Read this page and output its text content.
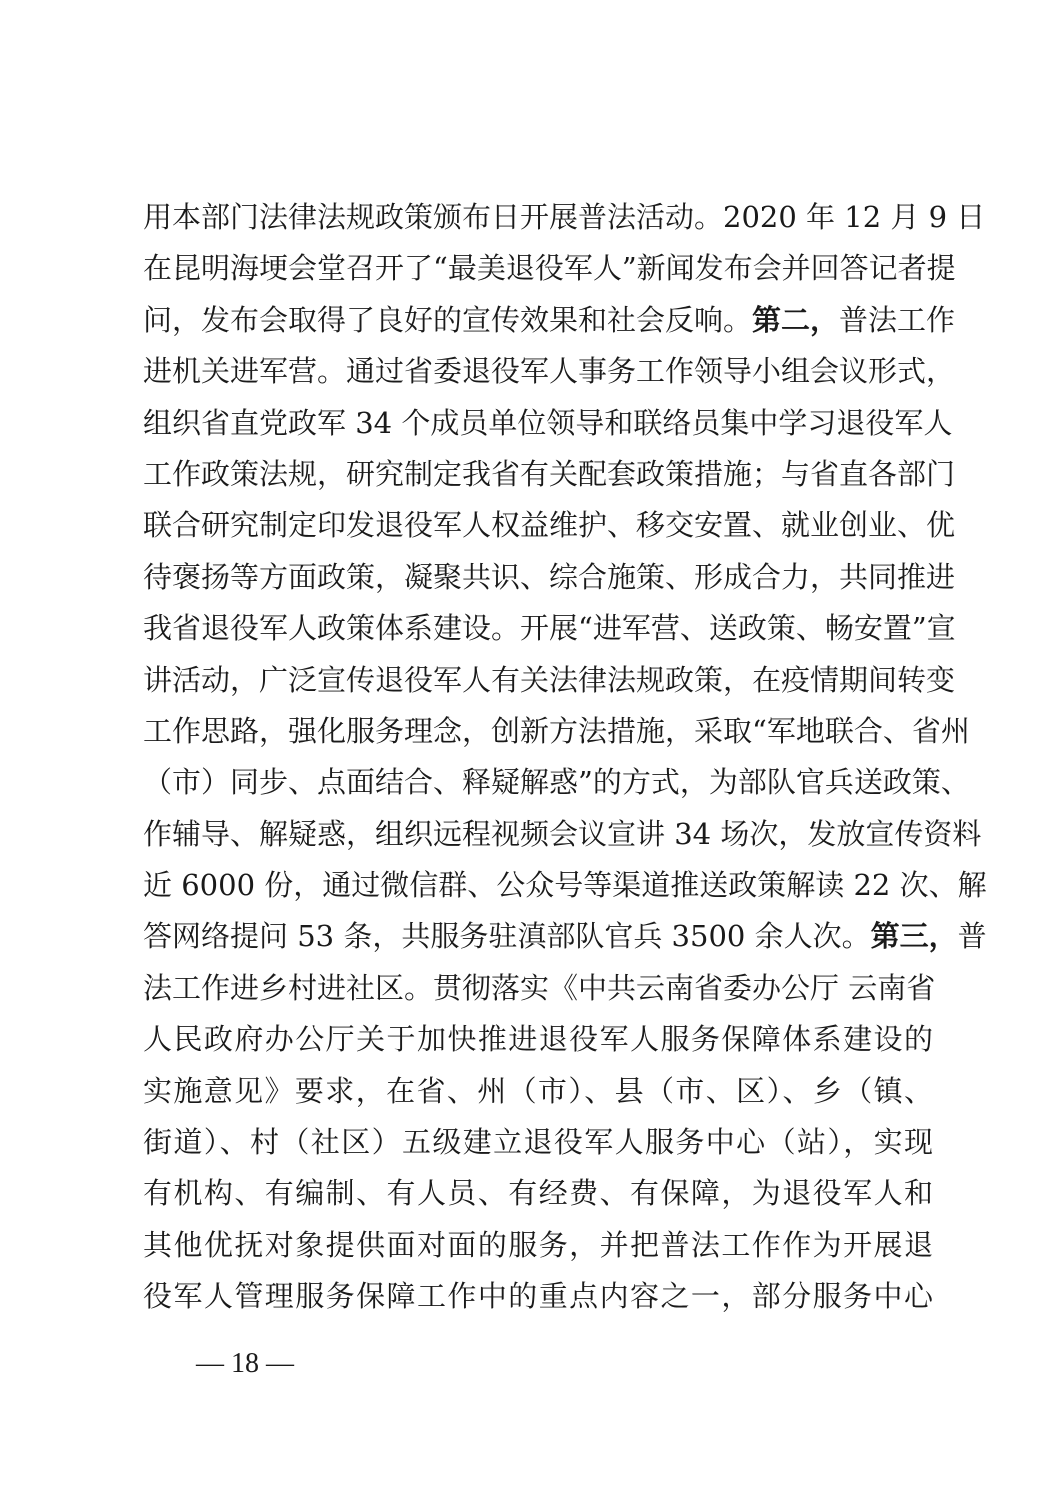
用本部门法律法规政策颁布日开展普法活动。2020 年 12 月 9 日
在昆明海埂会堂召开了“最美退役军人”新闻发布会并回答记者提
问，发布会取得了良好的宣传效果和社会反响。第二，普法工作
进机关进军营。通过省委退役军人事务工作领导小组会议形式，
组织省直党政军 34 个成员单位领导和联络员集中学习退役军人
工作政策法规，研究制定我省有关配套政策措施；与省直各部门
联合研究制定印发退役军人权益维护、移交安置、就业创业、优
待褒扬等方面政策，凝聚共识、综合施策、形成合力，共同推进
我省退役军人政策体系建设。开展“进军营、送政策、畅安置”宣
讲活动，广泛宣传退役军人有关法律法规政策，在疫情期间转变
工作思路，强化服务理念，创新方法措施，采取“军地联合、省州
（市）同步、点面结合、释疑解惑”的方式，为部队官兵送政策、
作辅导、解疑惑，组织远程视频会议宣讲 34 场次，发放宣传资料
近 6000 份，通过微信群、公众号等渠道推送政策解读 22 次、解
答网络提问 53 条，共服务驻滇部队官兵 3500 余人次。第三，普
法工作进乡村进社区。贯彻落实《中共云南省委办公厅 云南省
人民政府办公厅关于加快推进退役军人服务保障体系建设的
实施意见》要求，在省、州（市）、县（市、区）、乡（镇、
街道）、村（社区）五级建立退役军人服务中心（站），实现
有机构、有编制、有人员、有经费、有保障，为退役军人和
其他优抚对象提供面对面的服务，并把普法工作作为开展退
役军人管理服务保障工作中的重点内容之一，部分服务中心
— 18 —
